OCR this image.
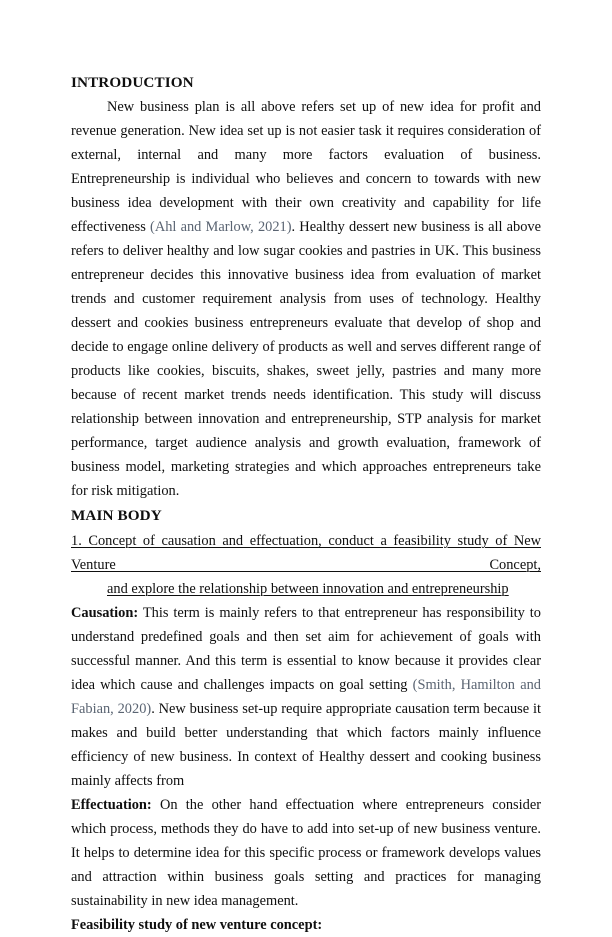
INTRODUCTION

New business plan is all above refers set up of new idea for profit and revenue generation. New idea set up is not easier task it requires consideration of external, internal and many more factors evaluation of business. Entrepreneurship is individual who believes and concern to towards with new business idea development with their own creativity and capability for life effectiveness (Ahl and Marlow, 2021). Healthy dessert new business is all above refers to deliver healthy and low sugar cookies and pastries in UK. This business entrepreneur decides this innovative business idea from evaluation of market trends and customer requirement analysis from uses of technology. Healthy dessert and cookies business entrepreneurs evaluate that develop of shop and decide to engage online delivery of products as well and serves different range of products like cookies, biscuits, shakes, sweet jelly, pastries and many more because of recent market trends needs identification. This study will discuss relationship between innovation and entrepreneurship, STP analysis for market performance, target audience analysis and growth evaluation, framework of business model, marketing strategies and which approaches entrepreneurs take for risk mitigation.

MAIN BODY
1. Concept of causation and effectuation, conduct a feasibility study of New Venture Concept,
and explore the relationship between innovation and entrepreneurship

Causation: This term is mainly refers to that entrepreneur has responsibility to understand predefined goals and then set aim for achievement of goals with successful manner. And this term is essential to know because it provides clear idea which cause and challenges impacts on goal setting (Smith, Hamilton and Fabian, 2020). New business set-up require appropriate causation term because it makes and build better understanding that which factors mainly influence efficiency of new business. In context of Healthy dessert and cooking business mainly affects from

Effectuation: On the other hand effectuation where entrepreneurs consider which process, methods they do have to add into set-up of new business venture. It helps to determine idea for this specific process or framework develops values and attraction within business goals setting and practices for managing sustainability in new idea management.

Feasibility study of new venture concept:
